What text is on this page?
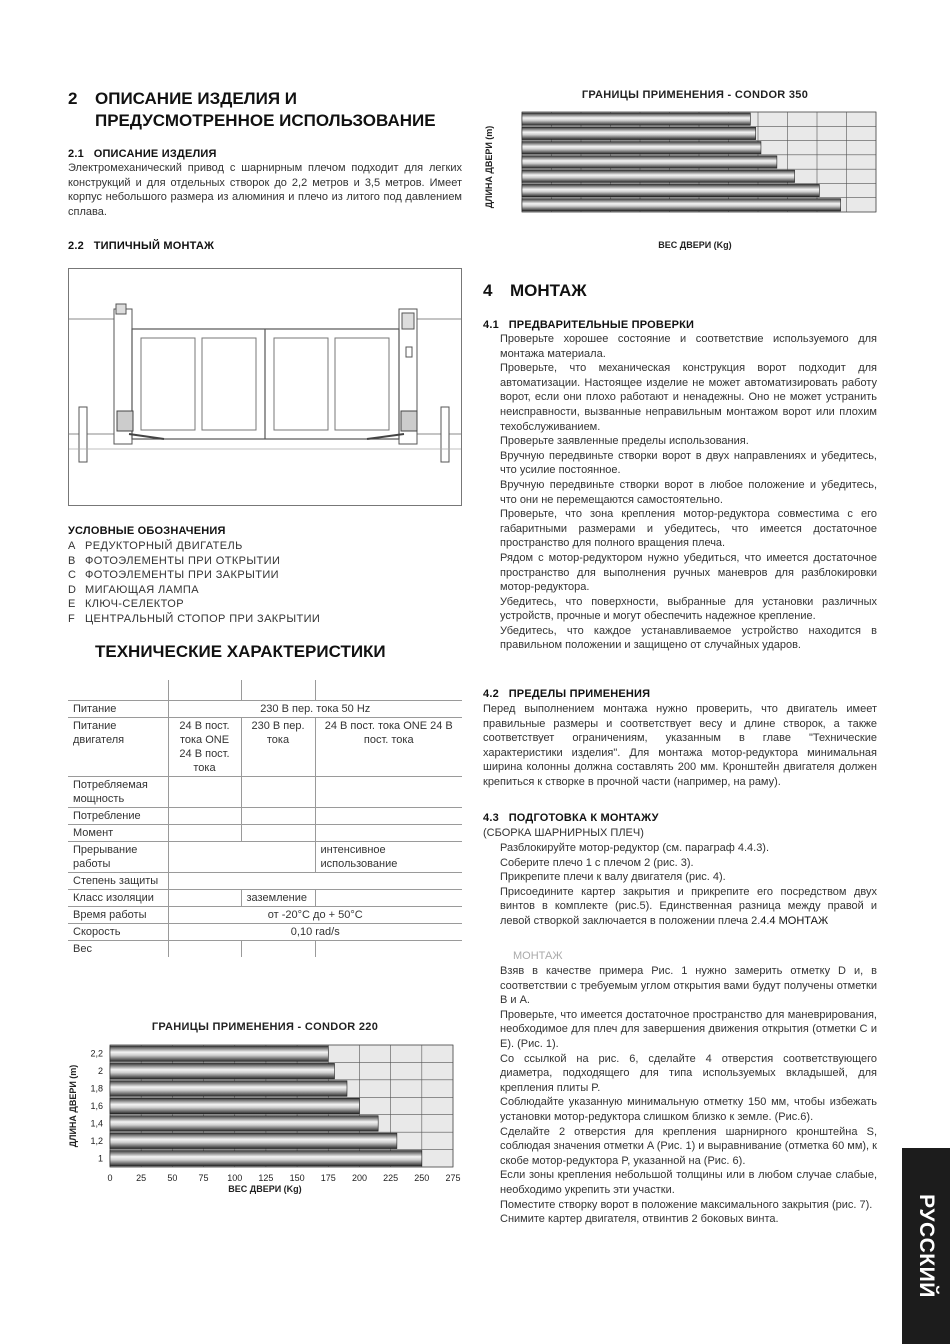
2 ОПИСАНИЕ ИЗДЕЛИЯ И
ПРЕДУСМОТРЕННОЕ ИСПОЛЬЗОВАНИЕ
2.1 ОПИСАНИЕ ИЗДЕЛИЯ
Электромеханический привод с шарнирным плечом подходит для легких конструкций и для отдельных створок до 2,2 метров и 3,5 метров. Имеет корпус небольшого размера из алюминия и плечо из литого под давлением сплава.
2.2 ТИПИЧНЫЙ МОНТАЖ
УСЛОВНЫЕ ОБОЗНАЧЕНИЯ
A РЕДУКТОРНЫЙ ДВИГАТЕЛЬ
B ФОТОЭЛЕМЕНТЫ ПРИ ОТКРЫТИИ
C ФОТОЭЛЕМЕНТЫ ПРИ ЗАКРЫТИИ
D МИГАЮЩАЯ ЛАМПА
E КЛЮЧ-СЕЛЕКТОР
F ЦЕНТРАЛЬНЫЙ СТОПОР ПРИ ЗАКРЫТИИ
ТЕХНИЧЕСКИЕ ХАРАКТЕРИСТИКИ

Питание	230 В пер. тока 50 Hz		
Питание двигателя	24 В пост. тока ONE 24 В пост. тока	230 В пер. тока	24 В пост. тока ONE 24 В пост. тока
Потребляемая мощность			
Потребление			
Момент			
Прерывание работы			интенсивное использование
Степень защиты			
Класс изоляции		заземление	
Время работы	от -20°C до + 50°C		
Скорость	0,10 rad/s		
Вес			
ГРАНИЦЫ ПРИМЕНЕНИЯ - CONDOR 220
0	25 50 75 100 125 150 175 200 225 250 275
2,2
2
1,8
1,6
1,4
1,2
1
ДЛИНА ДВЕРИ (m)
ВЕС ДВЕРИ (Kg)
ГРАНИЦЫ ПРИМЕНЕНИЯ - CONDOR 350
ДЛИНА ДВЕРИ (m)
ВЕС ДВЕРИ (Kg)
4 МОНТАЖ
4.1 ПРЕДВАРИТЕЛЬНЫЕ ПРОВЕРКИ

Проверьте хорошее состояние и соответствие используемого для монтажа материала.

Проверьте, что механическая конструкция ворот подходит для автоматизации. Настоящее изделие не может автоматизировать работу ворот, если они плохо работают и ненадежны. Оно не может устранить неисправности, вызванные неправильным монтажом ворот или плохим техобслуживанием.

Проверьте заявленные пределы использования.

Вручную передвиньте створки ворот в двух направлениях и убедитесь, что усилие постоянное.

Вручную передвиньте створки ворот в любое положение и убедитесь, что они не перемещаются самостоятельно.

Проверьте, что зона крепления мотор-редуктора совместима с его габаритными размерами и убедитесь, что имеется достаточное пространство для полного вращения плеча.

Рядом с мотор-редуктором нужно убедиться, что имеется достаточное пространство для выполнения ручных маневров для разблокировки мотор-редуктора.

Убедитесь, что поверхности, выбранные для установки различных устройств, прочные и могут обеспечить надежное крепление.

Убедитесь, что каждое устанавливаемое устройство находится в правильном положении и защищено от случайных ударов.

4.2 ПРЕДЕЛЫ ПРИМЕНЕНИЯ
Перед выполнением монтажа нужно проверить, что двигатель имеет правильные размеры и соответствует весу и длине створок, а также соответствует ограничениям, указанным в главе "Технические характеристики изделия". Для монтажа мотор-редуктора минимальная ширина колонны должна составлять 200 мм. Кронштейн двигателя должен крепиться к створке в прочной части (например, на раму).
4.3 ПОДГОТОВКА К МОНТАЖУ
(СБОРКА ШАРНИРНЫХ ПЛЕЧ)

Разблокируйте мотор-редуктор (см. параграф 4.4.3).

Соберите плечо 1 с плечом 2 (рис. 3).

Прикрепите плечи к валу двигателя (рис. 4).

Присоедините картер закрытия и прикрепите его посредством двух винтов в комплекте (рис.5). Единственная разница между правой и левой створкой заключается в положении плеча 2.4.4 МОНТАЖ

МОНТАЖ

Взяв в качестве примера Рис. 1 нужно замерить отметку D и, в соответствии с требуемым углом открытия вами будут получены отметки B и A.

Проверьте, что имеется достаточное пространство для маневрирования, необходимое для плеч для завершения движения открытия (отметки C и E). (Рис. 1).

Со ссылкой на рис. 6, сделайте 4 отверстия соответствующего диаметра, подходящего для типа используемых вкладышей, для крепления плиты P.

Соблюдайте указанную минимальную отметку 150 мм, чтобы избежать установки мотор-редуктора слишком близко к земле. (Рис.6).

Сделайте 2 отверстия для крепления шарнирного кронштейна S, соблюдая значения отметки A (Рис. 1) и выравнивание (отметка 60 мм), к скобе мотор-редуктора P, указанной на (Рис. 6).

Если зоны крепления небольшой толщины или в любом случае слабые, необходимо укрепить эти участки.

Поместите створку ворот в положение максимального закрытия (рис. 7).

Снимите картер двигателя, отвинтив 2 боковых винта.	РУССКИЙ
